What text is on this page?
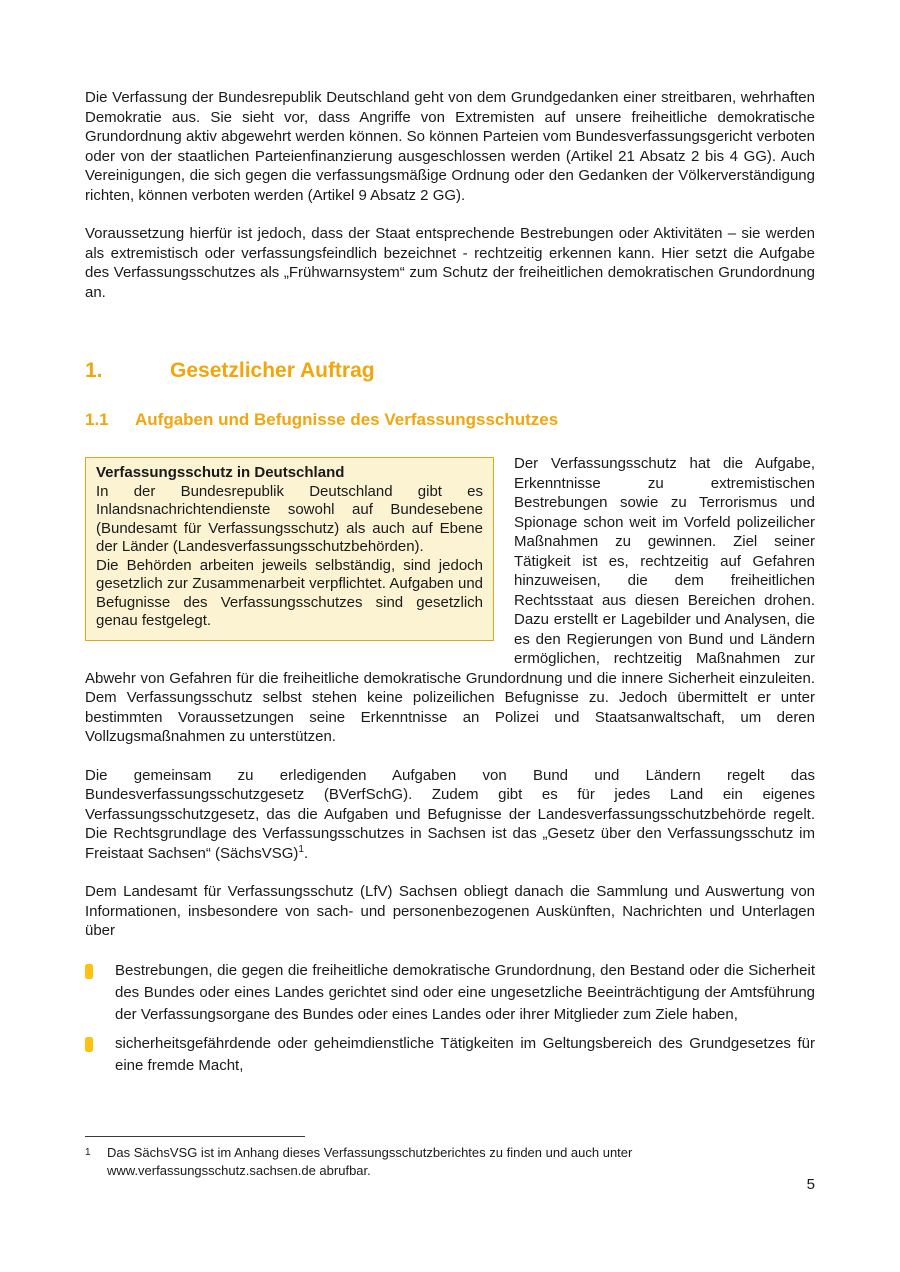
Die Verfassung der Bundesrepublik Deutschland geht von dem Grundgedanken einer streitbaren, wehrhaften Demokratie aus. Sie sieht vor, dass Angriffe von Extremisten auf unsere freiheitliche demokratische Grundordnung aktiv abgewehrt werden können. So können Parteien vom Bundesverfassungsgericht verboten oder von der staatlichen Parteienfinanzierung ausgeschlossen werden (Artikel 21 Absatz 2 bis 4 GG). Auch Vereinigungen, die sich gegen die verfassungsmäßige Ordnung oder den Gedanken der Völkerverständigung richten, können verboten werden (Artikel 9 Absatz 2 GG).

Voraussetzung hierfür ist jedoch, dass der Staat entsprechende Bestrebungen oder Aktivitäten – sie werden als extremistisch oder verfassungsfeindlich bezeichnet - rechtzeitig erkennen kann. Hier setzt die Aufgabe des Verfassungsschutzes als „Frühwarnsystem“ zum Schutz der freiheitlichen demokratischen Grundordnung an.

1.	Gesetzlicher Auftrag
1.1 Aufgaben und Befugnisse des Verfassungsschutzes
Verfassungsschutz in Deutschland

In der Bundesrepublik Deutschland gibt es Inlandsnachrichtendienste sowohl auf Bundesebene (Bundesamt für Verfassungsschutz) als auch auf Ebene der Länder (Landesverfassungsschutzbehörden).

Die Behörden arbeiten jeweils selbständig, sind jedoch gesetzlich zur Zusammenarbeit verpflichtet. Aufgaben und Befugnisse des Verfassungsschutzes sind gesetzlich genau festgelegt.

Der Verfassungsschutz hat die Aufgabe, Erkenntnisse zu extremistischen Bestrebungen sowie zu Terrorismus und Spionage schon weit im Vorfeld polizeilicher Maßnahmen zu gewinnen. Ziel seiner Tätigkeit ist es, rechtzeitig auf Gefahren hinzuweisen, die dem freiheitlichen Rechtsstaat aus diesen Bereichen drohen. Dazu erstellt er Lagebilder und Analysen, die es den Regierungen von Bund und Ländern ermöglichen, rechtzeitig Maßnahmen zur Abwehr von Gefahren für die freiheitliche demokratische Grundordnung und die innere Sicherheit einzuleiten. Dem Verfassungsschutz selbst stehen keine polizeilichen Befugnisse zu. Jedoch übermittelt er unter bestimmten Voraussetzungen seine Erkenntnisse an Polizei und Staatsanwaltschaft, um deren Vollzugsmaßnahmen zu unterstützen.

Die gemeinsam zu erledigenden Aufgaben von Bund und Ländern regelt das Bundesverfassungsschutzgesetz (BVerfSchG). Zudem gibt es für jedes Land ein eigenes Verfassungsschutzgesetz, das die Aufgaben und Befugnisse der Landesverfassungsschutzbehörde regelt. Die Rechtsgrundlage des Verfassungsschutzes in Sachsen ist das „Gesetz über den Verfassungsschutz im Freistaat Sachsen“ (SächsVSG)$^1$.

Dem Landesamt für Verfassungsschutz (LfV) Sachsen obliegt danach die Sammlung und Auswertung von Informationen, insbesondere von sach- und personenbezogenen Auskünften, Nachrichten und Unterlagen über

Bestrebungen, die gegen die freiheitliche demokratische Grundordnung, den Bestand oder die Sicherheit des Bundes oder eines Landes gerichtet sind oder eine ungesetzliche Beeinträchtigung der Amtsführung der Verfassungsorgane des Bundes oder eines Landes oder ihrer Mitglieder zum Ziele haben,
sicherheitsgefährdende oder geheimdienstliche Tätigkeiten im Geltungsbereich des Grundgesetzes für eine fremde Macht,
1	Das SächsVSG ist im Anhang dieses Verfassungsschutzberichtes zu finden und auch unter www.verfassungsschutz.sachsen.de abrufbar.
5
